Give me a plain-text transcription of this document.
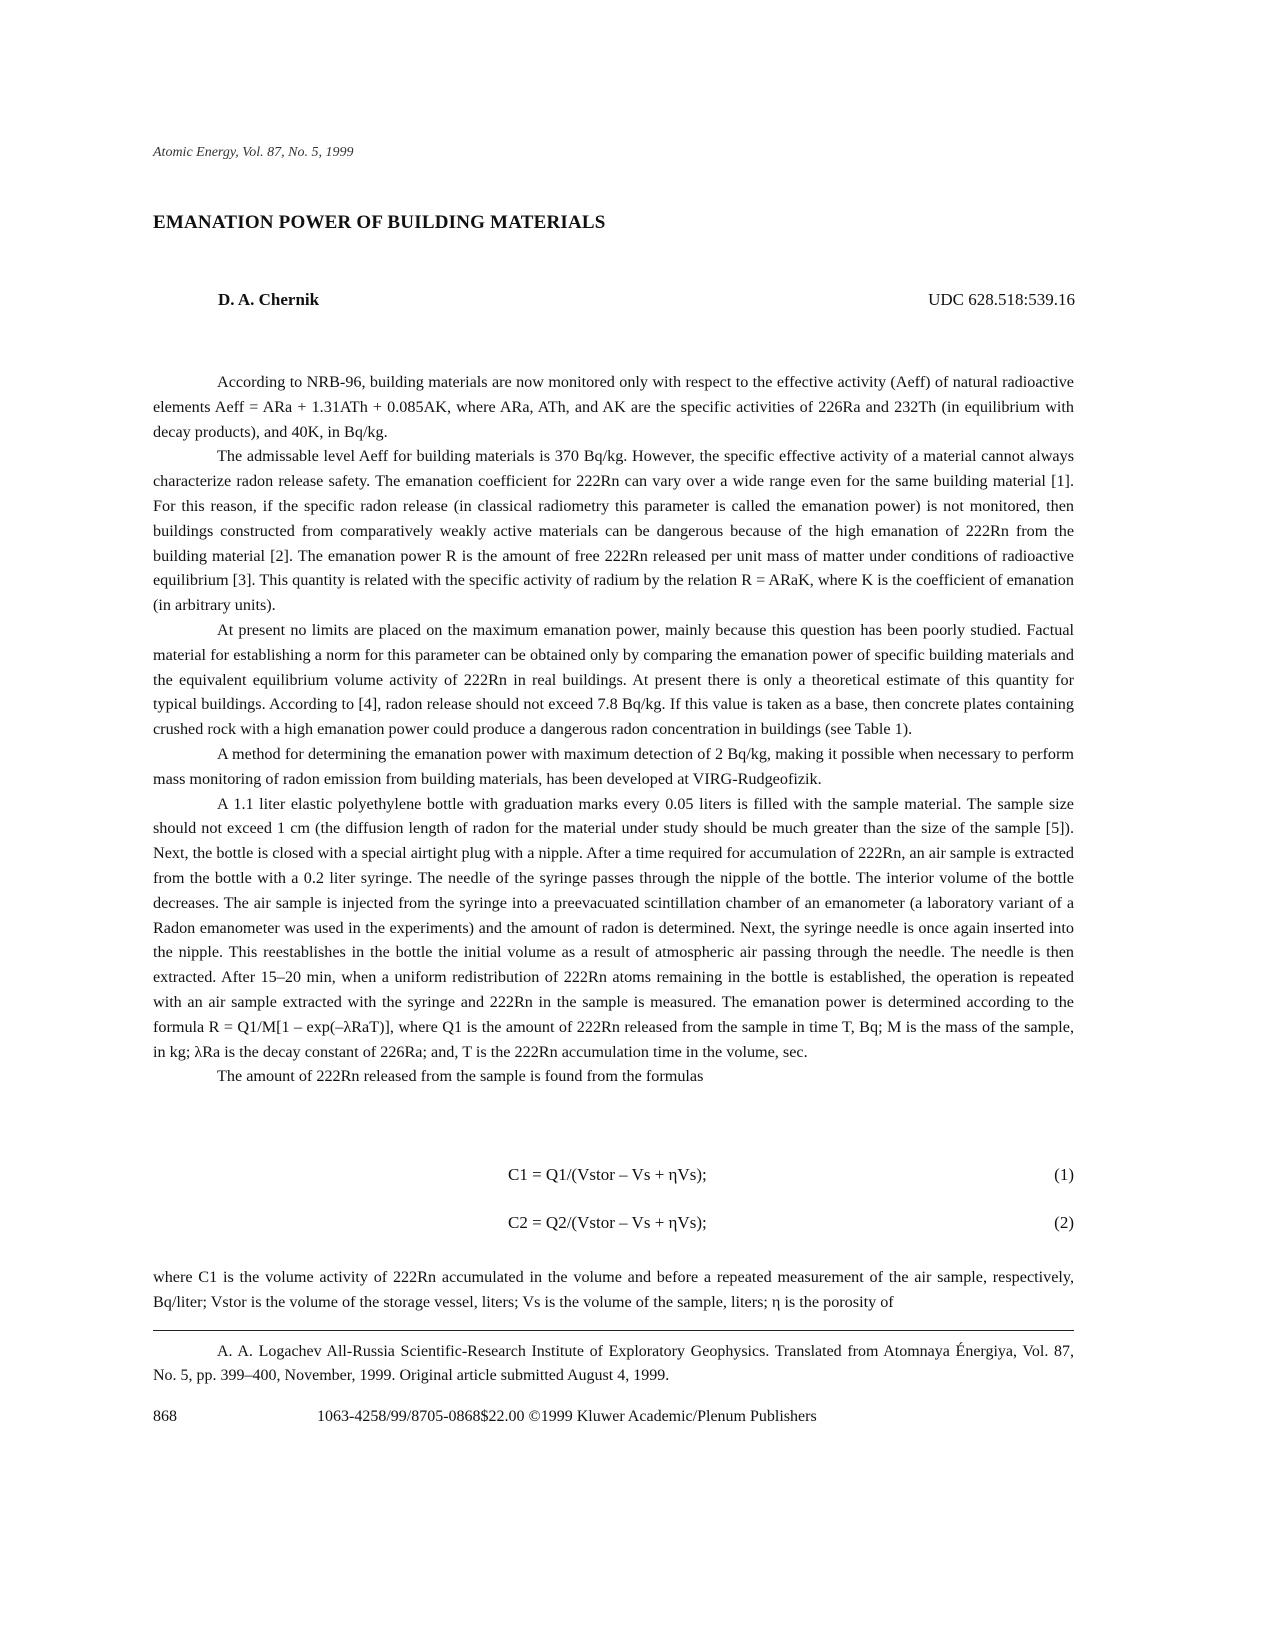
Atomic Energy, Vol. 87, No. 5, 1999
EMANATION POWER OF BUILDING MATERIALS
D. A. Chernik	UDC 628.518:539.16

According to NRB-96, building materials are now monitored only with respect to the effective activity (Aeff) of natural radioactive elements Aeff = ARa + 1.31ATh + 0.085AK, where ARa, ATh, and AK are the specific activities of 226Ra and 232Th (in equilibrium with decay products), and 40K, in Bq/kg.

The admissable level Aeff for building materials is 370 Bq/kg. However, the specific effective activity of a material cannot always characterize radon release safety. The emanation coefficient for 222Rn can vary over a wide range even for the same building material [1]. For this reason, if the specific radon release (in classical radiometry this parameter is called the emanation power) is not monitored, then buildings constructed from comparatively weakly active materials can be dangerous because of the high emanation of 222Rn from the building material [2]. The emanation power R is the amount of free 222Rn released per unit mass of matter under conditions of radioactive equilibrium [3]. This quantity is related with the specific activity of radium by the relation R = ARaK, where K is the coefficient of emanation (in arbitrary units).

At present no limits are placed on the maximum emanation power, mainly because this question has been poorly studied. Factual material for establishing a norm for this parameter can be obtained only by comparing the emanation power of specific building materials and the equivalent equilibrium volume activity of 222Rn in real buildings. At present there is only a theoretical estimate of this quantity for typical buildings. According to [4], radon release should not exceed 7.8 Bq/kg. If this value is taken as a base, then concrete plates containing crushed rock with a high emanation power could produce a dangerous radon concentration in buildings (see Table 1).

A method for determining the emanation power with maximum detection of 2 Bq/kg, making it possible when necessary to perform mass monitoring of radon emission from building materials, has been developed at VIRG-Rudgeofizik.

A 1.1 liter elastic polyethylene bottle with graduation marks every 0.05 liters is filled with the sample material. The sample size should not exceed 1 cm (the diffusion length of radon for the material under study should be much greater than the size of the sample [5]). Next, the bottle is closed with a special airtight plug with a nipple. After a time required for accumulation of 222Rn, an air sample is extracted from the bottle with a 0.2 liter syringe. The needle of the syringe passes through the nipple of the bottle. The interior volume of the bottle decreases. The air sample is injected from the syringe into a preevacuated scintillation chamber of an emanometer (a laboratory variant of a Radon emanometer was used in the experiments) and the amount of radon is determined. Next, the syringe needle is once again inserted into the nipple. This reestablishes in the bottle the initial volume as a result of atmospheric air passing through the needle. The needle is then extracted. After 15–20 min, when a uniform redistribution of 222Rn atoms remaining in the bottle is established, the operation is repeated with an air sample extracted with the syringe and 222Rn in the sample is measured. The emanation power is determined according to the formula R = Q1/M[1 – exp(–λRaT)], where Q1 is the amount of 222Rn released from the sample in time T, Bq; M is the mass of the sample, in kg; λRa is the decay constant of 226Ra; and, T is the 222Rn accumulation time in the volume, sec.

The amount of 222Rn released from the sample is found from the formulas

C1 = Q1/(Vstor – Vs + ηVs);	(1)
C2 = Q2/(Vstor – Vs + ηVs);	(2)
where C1 is the volume activity of 222Rn accumulated in the volume and before a repeated measurement of the air sample, respectively, Bq/liter; Vstor is the volume of the storage vessel, liters; Vs is the volume of the sample, liters; η is the porosity of
A. A. Logachev All-Russia Scientific-Research Institute of Exploratory Geophysics. Translated from Atomnaya Énergiya, Vol. 87, No. 5, pp. 399–400, November, 1999. Original article submitted August 4, 1999.
868	1063-4258/99/8705-0868$22.00 ©1999 Kluwer Academic/Plenum Publishers
